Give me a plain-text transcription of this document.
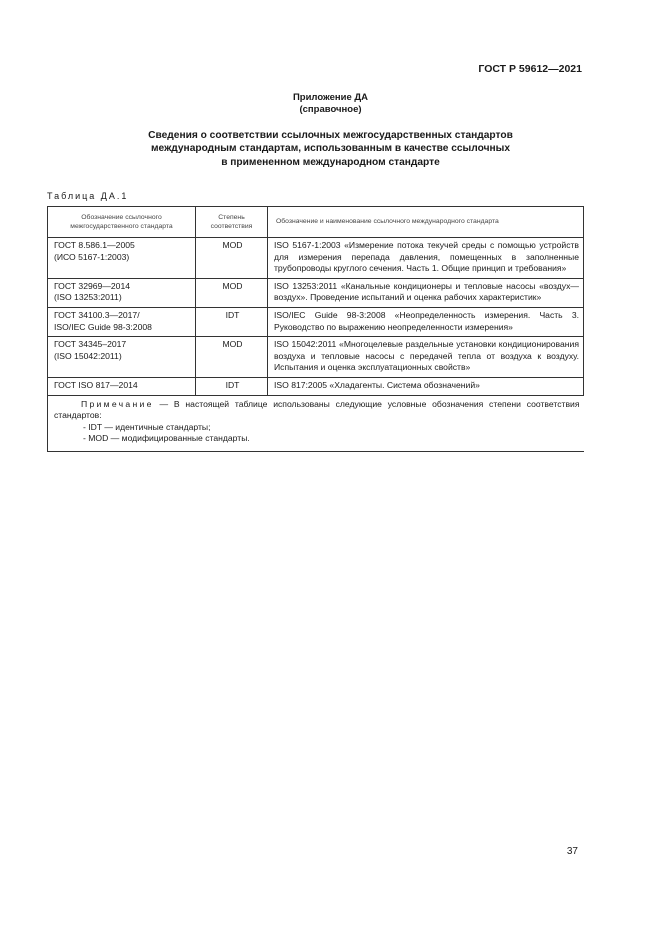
ГОСТ Р 59612—2021
Приложение ДА
(справочное)
Сведения о соответствии ссылочных межгосударственных стандартов
международным стандартам, использованным в качестве ссылочных
в примененном международном стандарте
Таблица ДА.1
Обозначение ссылочного межгосударственного стандарта	Степень соответствия	Обозначение и наименование ссылочного международного стандарта

ГОСТ 8.586.1—2005
(ИСО 5167-1:2003)	MOD	ISO 5167-1:2003 «Измерение потока текучей среды с помощью устройств для измерения перепада давления, помещенных в заполненные трубопроводы круглого сечения. Часть 1. Общие принцип и требования»

ГОСТ 32969—2014
(ISO 13253:2011)	MOD	ISO 13253:2011 «Канальные кондиционеры и тепловые насосы «воздух—воздух». Проведение испытаний и оценка рабочих характеристик»

ГОСТ 34100.3—2017/
ISO/IEC Guide 98-3:2008	IDT	ISO/IEC Guide 98-3:2008 «Неопределенность измерения. Часть 3. Руководство по выражению неопределенности измерения»

ГОСТ 34345–2017
(ISO 15042:2011)	MOD	ISO 15042:2011 «Многоцелевые раздельные установки кондиционирования воздуха и тепловые насосы с передачей тепла от воздуха к воздуху. Испытания и оценка эксплуатационных свойств»

ГОСТ ISO 817—2014	IDT	ISO 817:2005 «Хладагенты. Система обозначений»
Примечание — В настоящей таблице использованы следующие условные обозначения степени соответствия стандартов:
- IDT — идентичные стандарты;
- MOD — модифицированные стандарты.		
37
